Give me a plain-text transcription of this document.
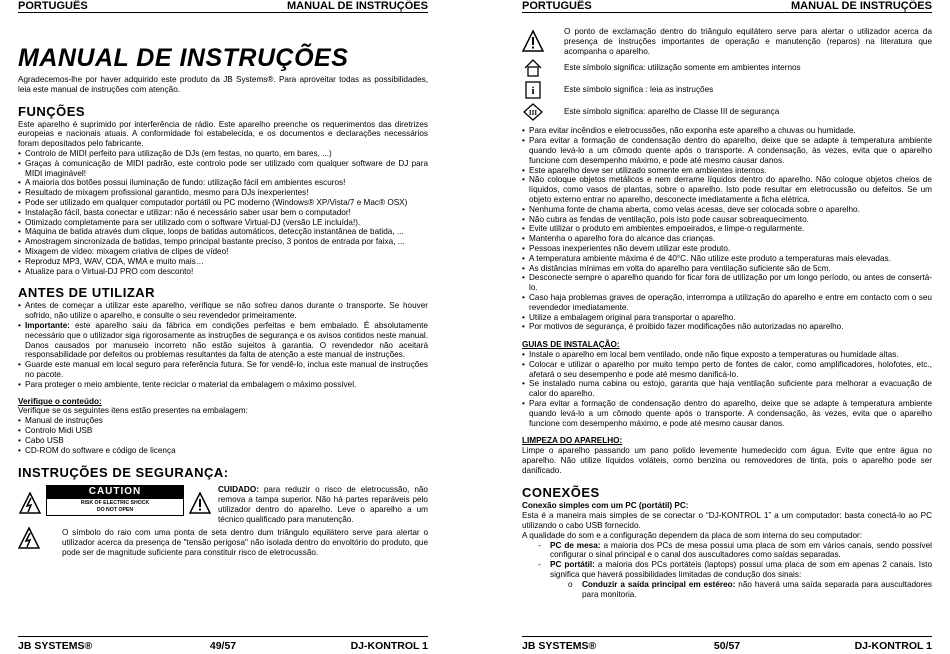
PORTUGUÊS	MANUAL DE INSTRUÇÕES
MANUAL DE INSTRUÇÕES

Agradecemos-lhe por haver adquirido este produto da JB Systems®. Para aproveitar todas as possibilidades, leia este manual de instruções com atenção.

FUNÇÕES

Este aparelho é suprimido por interferência de rádio. Este aparelho preenche os requerimentos das diretrizes europeias e nacionais atuais. A conformidade foi estabelecida, e os documentos e declarações necessários foram depositados pelo fabricante.

• Controlo de MIDI perfeito para utilização de DJs (em festas, no quarto, em bares, ...)
• Graças à comunicação de MIDI padrão, este controlo pode ser utilizado com qualquer software de DJ para MIDI imaginável!
• A maioria dos botões possui iluminação de fundo: utilização fácil em ambientes escuros!
• Resultado de mixagem profissional garantido, mesmo para DJs inexperientes!
• Pode ser utilizado em qualquer computador portátil ou PC moderno (Windows® XP/Vista/7 e Mac® OSX)
• Instalação fácil, basta conectar e utilizar: não é necessário saber usar bem o computador!
• Otimizado completamente para ser utilizado com o software Virtual-DJ (versão LE incluída!).
• Máquina de batida através dum clique, loops de batidas automáticos, detecção instantânea de batida, ...
• Amostragem sincronizada de batidas, tempo principal bastante preciso, 3 pontos de entrada por faixa, ...
• Mixagem de vídeo: mixagem criativa de clipes de vídeo!
• Reproduz MP3, WAV, CDA, WMA e muito mais…
• Atualize para o Virtual-DJ PRO com desconto!
ANTES DE UTILIZAR
• Antes de começar a utilizar este aparelho, verifique se não sofreu danos durante o transporte. Se houver sofrido, não utilize o aparelho, e consulte o seu revendedor primeiramente.
• Importante: este aparelho saiu da fábrica em condições perfeitas e bem embalado. É absolutamente necessário que o utilizador siga rigorosamente as instruções de segurança e os avisos contidos neste manual. Danos causados por manuseio incorreto não estão sujeitos à garantia. O revendedor não aceitará responsabilidade por defeitos ou problemas resultantes da falta de atenção a este manual de instruções.
• Guarde este manual em local seguro para referência futura. Se for vendê-lo, inclua este manual de instruções no pacote.
• Para proteger o meio ambiente, tente reciclar o material da embalagem o máximo possível.
Verifique o conteúdo:

Verifique se os seguintes itens estão presentes na embalagem:

• Manual de instruções
• Controlo Midi USB
• Cabo USB
• CD-ROM do software e código de licença
INSTRUÇÕES DE SEGURANÇA:
CAUTION
RISK OF ELECTRIC SHOCK
DO NOT OPEN

CUIDADO: para reduzir o risco de eletrocussão, não remova a tampa superior. Não há partes reparáveis pelo utilizador dentro do aparelho. Leve o aparelho a um técnico qualificado para manutenção.

O símbolo do raio com uma ponta de seta dentro dum triângulo equilátero serve para alertar o utilizador acerca da presença de "tensão perigosa" não isolada dentro do envoltório do produto, que pode ser de magnitude suficiente para constituir risco de eletrocussão.

JB SYSTEMS®	49/57	DJ-KONTROL 1
PORTUGUÊS	MANUAL DE INSTRUÇÕES

O ponto de exclamação dentro do triângulo equilátero serve para alertar o utilizador acerca da presença de instruções importantes de operação e manutenção (reparos) na literatura que acompanha o aparelho.

Este símbolo significa: utilização somente em ambientes internos

i	Este símbolo significa : leia as instruções

III	Este símbolo significa: aparelho de Classe III de segurança

• Para evitar incêndios e eletrocussões, não exponha este aparelho a chuvas ou humidade.
• Para evitar a formação de condensação dentro do aparelho, deixe que se adapte à temperatura ambiente quando levá-lo a um cômodo quente após o transporte. A condensação, às vezes, evita que o aparelho funcione com desempenho máximo, e pode até mesmo causar danos.
• Este aparelho deve ser utilizado somente em ambientes internos.
• Não coloque objetos metálicos e nem derrame líquidos dentro do aparelho. Não coloque objetos cheios de líquidos, como vasos de plantas, sobre o aparelho. Isto pode resultar em eletrocussão ou defeitos. Se um objeto externo entrar no aparelho, desconecte imediatamente a ficha elétrica.
• Nenhuma fonte de chama aberta, como velas acesas, deve ser colocada sobre o aparelho.
• Não cubra as fendas de ventilação, pois isto pode causar sobreaquecimento.
• Evite utilizar o produto em ambientes empoeirados, e limpe-o regularmente.
• Mantenha o aparelho fora do alcance das crianças.
• Pessoas inexperientes não devem utilizar este produto.
• A temperatura ambiente máxima é de 40°C. Não utilize este produto a temperaturas mais elevadas.
• As distâncias mínimas em volta do aparelho para ventilação suficiente são de 5cm.
• Desconecte sempre o aparelho quando for ficar fora de utilização por um longo período, ou antes de consertá-lo.
• Caso haja problemas graves de operação, interrompa a utilização do aparelho e entre em contacto com o seu revendedor imediatamente.
• Utilize a embalagem original para transportar o aparelho.
• Por motivos de segurança, é proibido fazer modificações não autorizadas no aparelho.
GUIAS DE INSTALAÇÃO:
• Instale o aparelho em local bem ventilado, onde não fique exposto a temperaturas ou humidade altas.
• Colocar e utilizar o aparelho por muito tempo perto de fontes de calor, como amplificadores, holofotes, etc., afetará o seu desempenho e pode até mesmo danificá-lo.
• Se instalado numa cabina ou estojo, garanta que haja ventilação suficiente para melhorar a evacuação de calor do aparelho.
• Para evitar a formação de condensação dentro do aparelho, deixe que se adapte à temperatura ambiente quando levá-lo a um cômodo quente após o transporte. A condensação, às vezes, evita que o aparelho funcione com desempenho máximo, e pode até mesmo causar danos.
LIMPEZA DO APARELHO:

Limpe o aparelho passando um pano polido levemente humedecido com água. Evite que entre água no aparelho. Não utilize líquidos voláteis, como benzina ou removedores de tinta, pois o aparelho pode ser danificado.

CONEXÕES

Conexão simples com um PC (portátil) PC:

Esta é a maneira mais simples de se conectar o “DJ-KONTROL 1” a um computador: basta conectá-lo ao PC utilizando o cabo USB fornecido.

A qualidade do som e a configuração dependem da placa de som interna do seu computador:

- PC de mesa: a maioria dos PCs de mesa possui uma placa de som em vários canais, sendo possível configurar o sinal principal e o canal dos auscultadores como saídas separadas.

- PC portátil: a maioria dos PCs portáteis (laptops) possui uma placa de som em apenas 2 canais. Isto significa que haverá possibilidades limitadas de condução dos sinais:

o Conduzir a saída principal em estéreo: não haverá uma saída separada para auscultadores para monitoria.

JB SYSTEMS®	50/57	DJ-KONTROL 1
